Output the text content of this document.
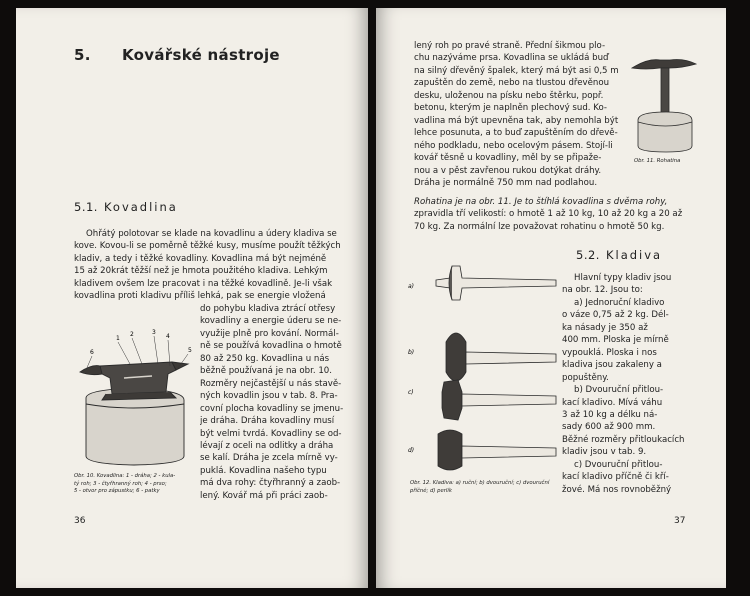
5. Kovářské nástroje
5.1. Kovadlina
Ohřátý polotovar se klade na kovadlinu a údery kladiva se
kove. Kovou-li se poměrně těžké kusy, musíme použít těžkých
kladiv, a tedy i těžké kovadliny. Kovadlina má být nejméně
15 až 20krát těžší než je hmota použitého kladiva. Lehkým
kladivem ovšem lze pracovat i na těžké kovadlině. Je-li však
kovadlina proti kladivu příliš lehká, pak se energie vložená
do pohybu kladiva ztrácí otřesy
kovadliny a energie úderu se ne-
využije plně pro kování. Normál-
ně se používá kovadlina o hmotě
80 až 250 kg. Kovadlina u nás
běžně používaná je na obr. 10.
Rozměry nejčastější u nás stavě-
ných kovadlin jsou v tab. 8. Pra-
covní plocha kovadliny se jmenu-
je dráha. Dráha kovadliny musí
být velmi tvrdá. Kovadliny se od-
lévají z oceli na odlitky a dráha
se kalí. Dráha je zcela mírně vy-
puklá. Kovadlina našeho typu
má dva rohy: čtyřhranný a zaob-
lený. Kovář má při práci zaob-
1
2	3
4
5
6
Obr. 10. Kovadlina: 1 - dráha; 2 - kula-
tý roh; 3 - čtyřhranný roh; 4 - prso;
5 - otvor pro zápustku; 6 - patky
36
lený roh po pravé straně. Přední šikmou plo-
chu nazýváme prsa. Kovadlina se ukládá buď
na silný dřevěný špalek, který má být asi 0,5 m
zapuštěn do země, nebo na tlustou dřevěnou
desku, uloženou na písku nebo štěrku, popř.
betonu, kterým je naplněn plechový sud. Ko-
vadlina má být upevněna tak, aby nemohla být
lehce posunuta, a to buď zapuštěním do dřevě-
ného podkladu, nebo ocelovým pásem. Stojí-li
kovář těsně u kovadliny, měl by se připaže-
nou a v pěst zavřenou rukou dotýkat dráhy.
Dráha je normálně 750 mm nad podlahou.
Obr. 11. Rohatina
Rohatina je na obr. 11. Je to štíhlá kovadlina s dvěma rohy,
zpravidla tří velikostí: o hmotě 1 až 10 kg, 10 až 20 kg a 20 až
70 kg. Za normální lze považovat rohatinu o hmotě 50 kg.
5.2. Kladiva
Hlavní typy kladiv jsou
na obr. 12. Jsou to:
a) Jednoruční kladivo
o váze 0,75 až 2 kg. Dél-
ka násady je 350 až
400 mm. Ploska je mírně
vypouklá. Ploska i nos
kladiva jsou zakaleny a
popuštěny.
b) Dvouruční přitlou-
kací kladivo. Mívá váhu
3 až 10 kg a délku ná-
sady 600 až 900 mm.
Běžné rozměry přitloukacích
kladiv jsou v tab. 9.
c) Dvouruční přitlou-
kací kladivo příčně či kří-
žové. Má nos rovnoběžný
a)
b)
c)
d)
Obr. 12. Kladiva: a) ruční; b) dvouruční; c) dvouruční
příčné; d) perlík
37
